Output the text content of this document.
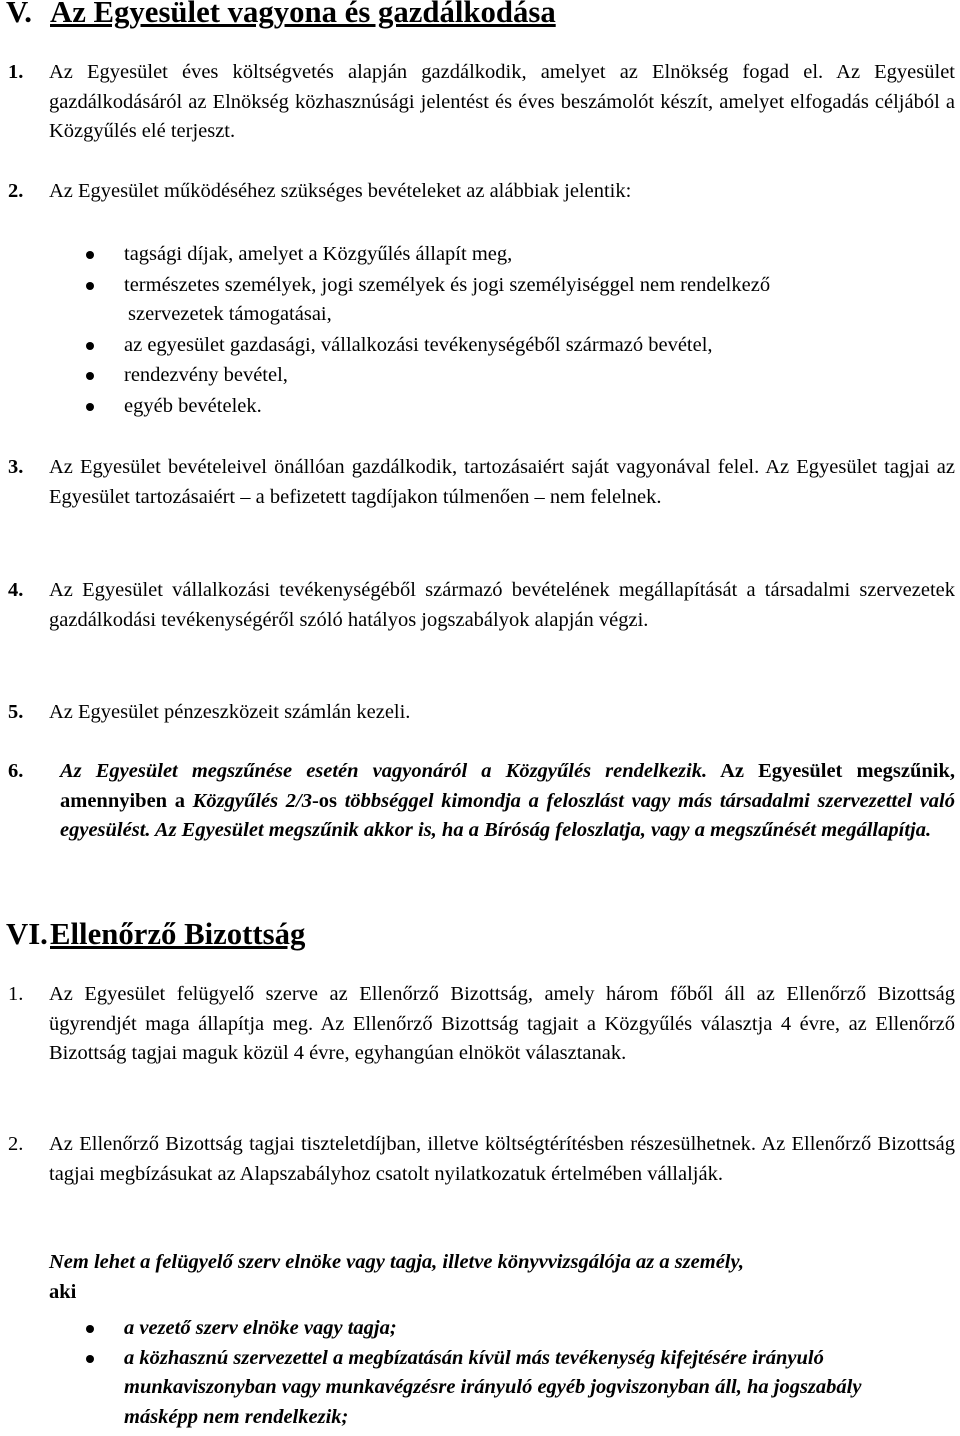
V. Az Egyesület vagyona és gazdálkodása

1.	Az Egyesület éves költségvetés alapján gazdálkodik, amelyet az Elnökség fogad el. Az Egyesület gazdálkodásáról az Elnökség közhasznúsági jelentést és éves beszámolót készít, amelyet elfogadás céljából a Közgyűlés elé terjeszt.

2.	Az Egyesület működéséhez szükséges bevételeket az alábbiak jelentik:

tagsági díjak, amelyet a Közgyűlés állapít meg,
természetes személyek, jogi személyek és jogi személyiséggel nem rendelkező
szervezetek támogatásai,
az egyesület gazdasági, vállalkozási tevékenységéből származó bevétel,
rendezvény bevétel,
egyéb bevételek.

3.	Az Egyesület bevételeivel önállóan gazdálkodik, tartozásaiért saját vagyonával felel. Az Egyesület tagjai az Egyesület tartozásaiért – a befizetett tagdíjakon túlmenően – nem felelnek.

4.	Az Egyesület vállalkozási tevékenységéből származó bevételének megállapítását a társadalmi szervezetek gazdálkodási tevékenységéről szóló hatályos jogszabályok alapján végzi.

5.	Az Egyesület pénzeszközeit számlán kezeli.

6.	Az Egyesület megszűnése esetén vagyonáról a Közgyűlés rendelkezik. Az Egyesület megszűnik, amennyiben a Közgyűlés 2/3-os többséggel kimondja a feloszlást vagy más társadalmi szervezettel való egyesülést. Az Egyesület megszűnik akkor is, ha a Bíróság feloszlatja, vagy a megszűnését megállapítja.

VI.Ellenőrző Bizottság

1.	Az Egyesület felügyelő szerve az Ellenőrző Bizottság, amely három főből áll az Ellenőrző Bizottság ügyrendjét maga állapítja meg. Az Ellenőrző Bizottság tagjait a Közgyűlés választja 4 évre, az Ellenőrző Bizottság tagjai maguk közül 4 évre, egyhangúan elnököt választanak.

2.	Az Ellenőrző Bizottság tagjai tiszteletdíjban, illetve költségtérítésben részesülhetnek. Az Ellenőrző Bizottság tagjai megbízásukat az Alapszabályhoz csatolt nyilatkozatuk értelmében vállalják.

Nem lehet a felügyelő szerv elnöke vagy tagja, illetve könyvvizsgálója az a személy,
aki

a vezető szerv elnöke vagy tagja;
a közhasznú szervezettel a megbízatásán kívül más tevékenység kifejtésére irányuló munkaviszonyban vagy munkavégzésre irányuló egyéb jogviszonyban áll, ha jogszabály másképp nem rendelkezik;
